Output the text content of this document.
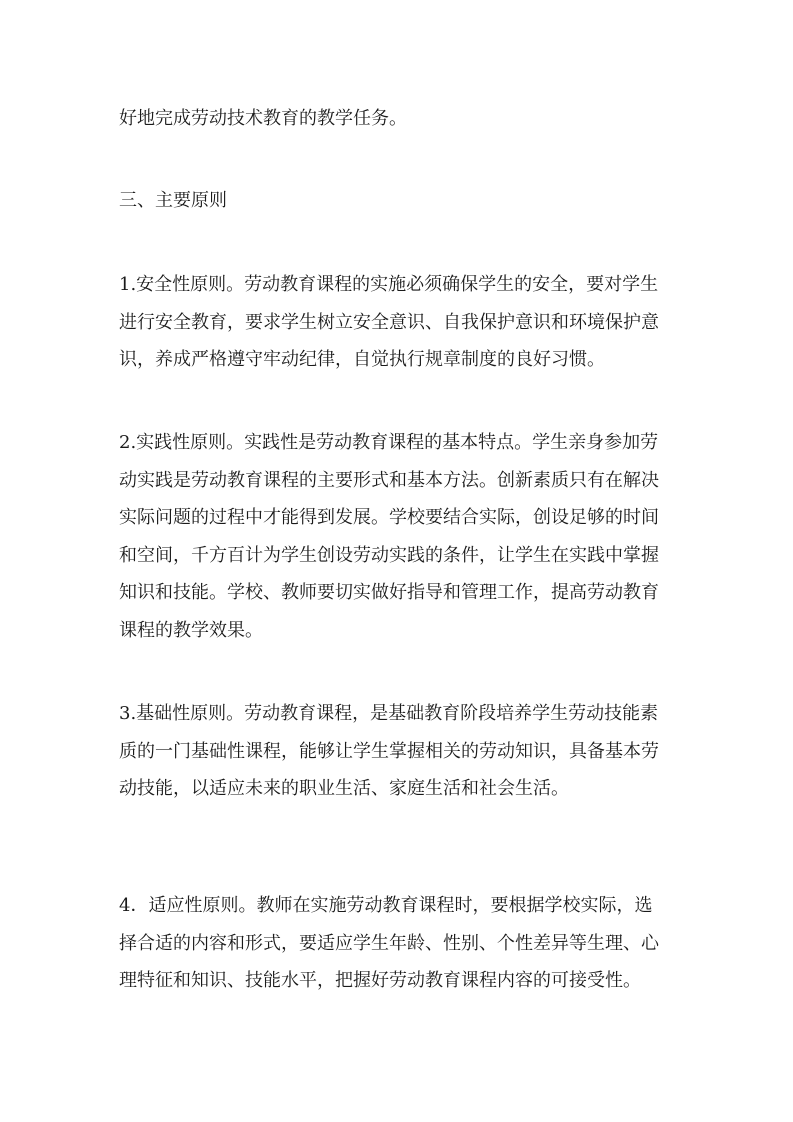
好地完成劳动技术教育的教学任务。

三、主要原则

1.安全性原则。劳动教育课程的实施必须确保学生的安全，要对学生
进行安全教育，要求学生树立安全意识、自我保护意识和环境保护意
识，养成严格遵守牢动纪律，自觉执行规章制度的良好习惯。

2.实践性原则。实践性是劳动教育课程的基本特点。学生亲身参加劳
动实践是劳动教育课程的主要形式和基本方法。创新素质只有在解决
实际问题的过程中才能得到发展。学校要结合实际，创设足够的时间
和空间，千方百计为学生创设劳动实践的条件，让学生在实践中掌握
知识和技能。学校、教师要切实做好指导和管理工作，提高劳动教育
课程的教学效果。

3.基础性原则。劳动教育课程，是基础教育阶段培养学生劳动技能素
质的一门基础性课程，能够让学生掌握相关的劳动知识，具备基本劳
动技能，以适应未来的职业生活、家庭生活和社会生活。

4．适应性原则。教师在实施劳动教育课程时，要根据学校实际，选
择合适的内容和形式，要适应学生年龄、性别、个性差异等生理、心
理特征和知识、技能水平，把握好劳动教育课程内容的可接受性。
